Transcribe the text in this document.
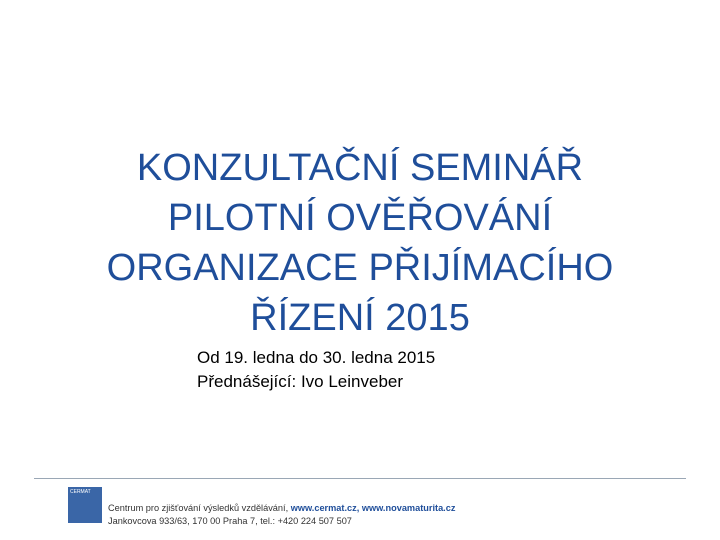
KONZULTAČNÍ SEMINÁŘ
PILOTNÍ OVĚŘOVÁNÍ
ORGANIZACE PŘIJÍMACÍHO
ŘÍZENÍ 2015
Od 19. ledna do 30. ledna 2015
Přednášející: Ivo Leinveber
CERMAT
Centrum pro zjišťování výsledků vzdělávání, www.cermat.cz, www.novamaturita.cz
Jankovcova 933/63, 170 00 Praha 7, tel.: +420 224 507 507
